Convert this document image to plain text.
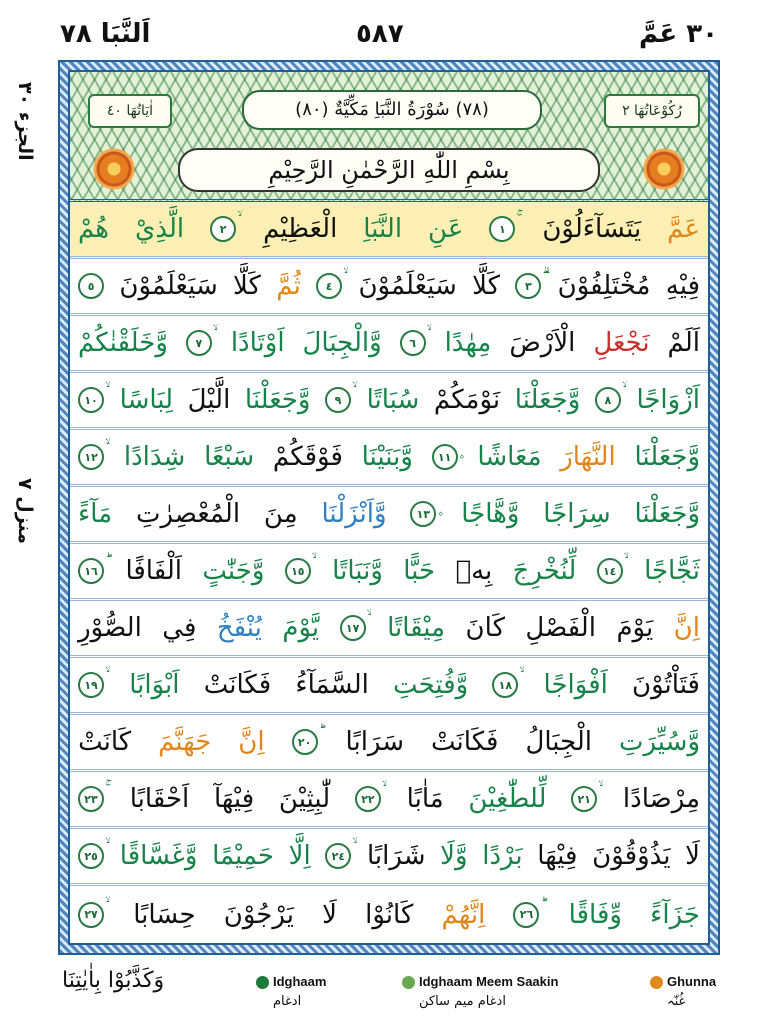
اَلنَّبَا ٧٨	٥٨٧	٣٠ عَمَّ
الجزء ٣٠
منزل ٧
اٰيَاتُهَا ٤٠	(٧٨) سُوْرَةُ النَّبَاِ مَكِّيَّةٌ (٨٠)	رُكُوْعَاتُهَا ٢
بِسْمِ اللّٰهِ الرَّحْمٰنِ الرَّحِيْمِ
عَمَّ
يَتَسَآءَلُوْنَ
١
عَنِ
النَّبَاِ
الْعَظِيْمِ
٢
الَّذِيْ
هُمْ
فِيْهِ
مُخْتَلِفُوْنَ
٣
كَلَّا
سَيَعْلَمُوْنَ
٤
ثُمَّ
كَلَّا
سَيَعْلَمُوْنَ
٥
اَلَمْ
نَجْعَلِ
الْاَرْضَ
مِهٰدًا
٦
وَّالْجِبَالَ
اَوْتَادًا
٧
وَّخَلَقْنٰكُمْ
اَزْوَاجًا
٨
وَّجَعَلْنَا
نَوْمَكُمْ
سُبَاتًا
٩
وَّجَعَلْنَا
الَّيْلَ
لِبَاسًا
١٠
وَّجَعَلْنَا
النَّهَارَ
مَعَاشًا
١١
وَّبَنَيْنَا
فَوْقَكُمْ
سَبْعًا
شِدَادًا
١٢
وَّجَعَلْنَا
سِرَاجًا
وَّهَّاجًا
١٣
وَّاَنْزَلْنَا
مِنَ
الْمُعْصِرٰتِ
مَآءً
ثَجَّاجًا
١٤
لِّنُخْرِجَ
بِهٖ
حَبًّا
وَّنَبَاتًا
١٥
وَّجَنّٰتٍ
اَلْفَافًا
١٦
اِنَّ
يَوْمَ
الْفَصْلِ
كَانَ
مِيْقَاتًا
١٧
يَّوْمَ
يُنْفَخُ
فِي
الصُّوْرِ
فَتَاْتُوْنَ
اَفْوَاجًا
١٨
وَّفُتِحَتِ
السَّمَآءُ
فَكَانَتْ
اَبْوَابًا
١٩
وَّسُيِّرَتِ
الْجِبَالُ
فَكَانَتْ
سَرَابًا
٢٠
اِنَّ
جَهَنَّمَ
كَانَتْ
مِرْصَادًا
٢١
لِّلطّٰغِيْنَ
مَاٰبًا
٢٢
لّٰبِثِيْنَ
فِيْهَآ
اَحْقَابًا
٢٣
لَا
يَذُوْقُوْنَ
فِيْهَا
بَرْدًا
وَّلَا
شَرَابًا
٢٤
اِلَّا
حَمِيْمًا
وَّغَسَّاقًا
٢٥
جَزَآءً
وِّفَاقًا
٢٦
اِنَّهُمْ
كَانُوْا
لَا
يَرْجُوْنَ
حِسَابًا
٢٧
وَكَذَّبُوْا بِاٰيٰتِنَا	Idghaam
ادغام
Idghaam Meem Saakin
ادغام میم ساکن
Ghunna
غُنّہ
